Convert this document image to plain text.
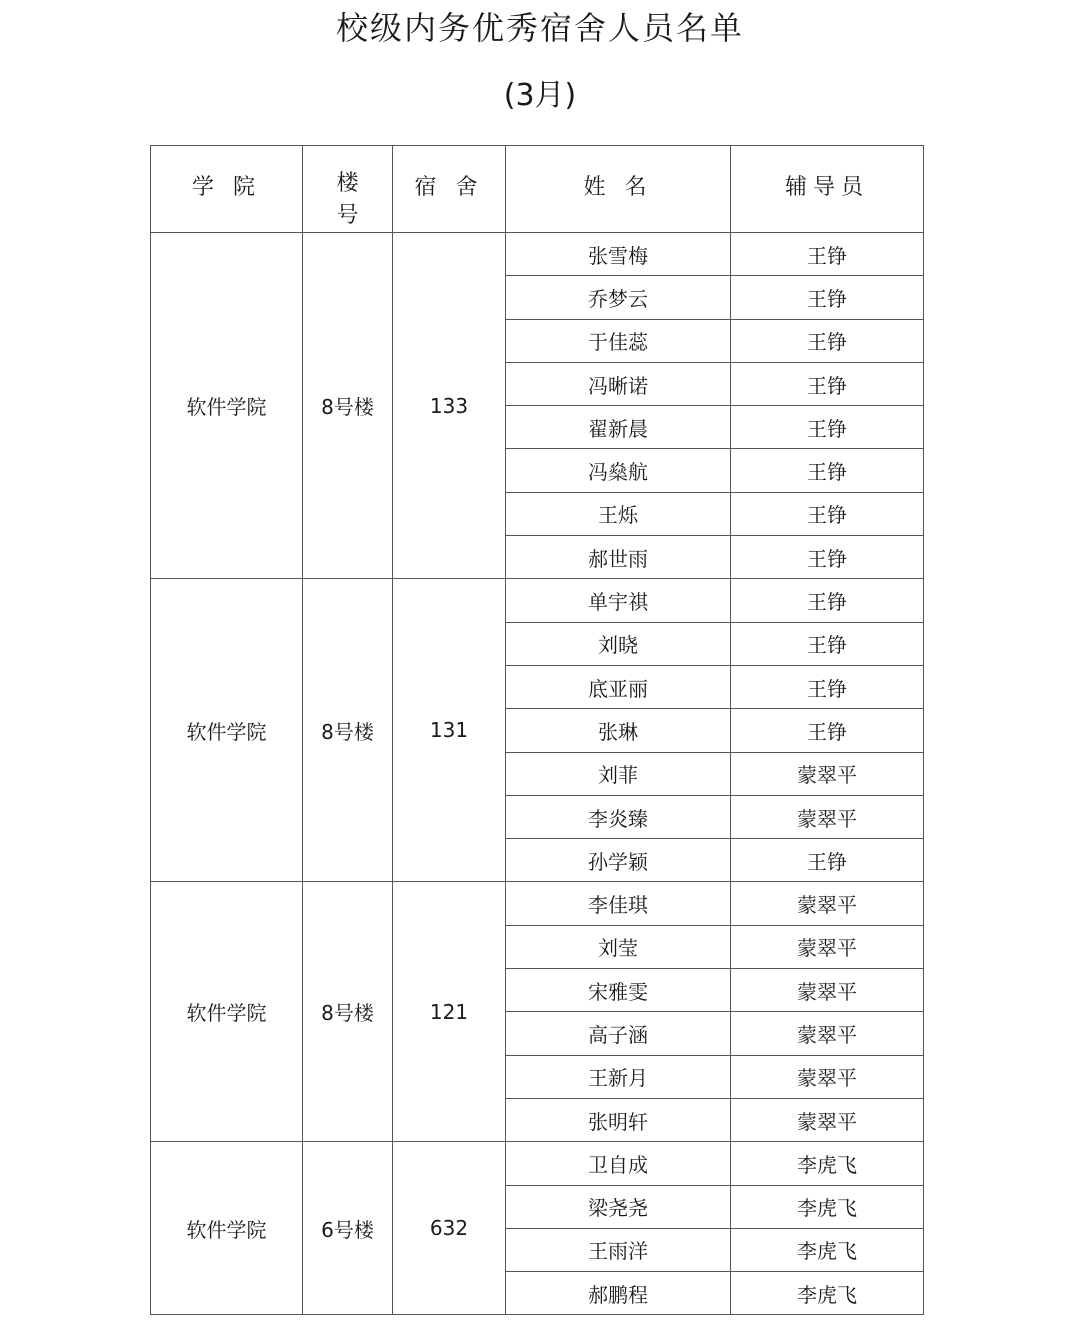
校级内务优秀宿舍人员名单
(3月)
学 院	楼号	宿 舍	姓 名	辅导员
软件学院	8号楼	133	张雪梅	王铮
			乔梦云	王铮
			于佳蕊	王铮
			冯晰诺	王铮
			翟新晨	王铮
			冯燊航	王铮
			王烁	王铮
			郝世雨	王铮
软件学院	8号楼	131	单宇祺	王铮
			刘晓	王铮
			底亚丽	王铮
			张琳	王铮
			刘菲	蒙翠平
			李炎臻	蒙翠平
			孙学颖	王铮
软件学院	8号楼	121	李佳琪	蒙翠平
			刘莹	蒙翠平
			宋雅雯	蒙翠平
			高子涵	蒙翠平
			王新月	蒙翠平
			张明轩	蒙翠平
软件学院	6号楼	632	卫自成	李虎飞
			梁尧尧	李虎飞
			王雨洋	李虎飞
			郝鹏程	李虎飞
